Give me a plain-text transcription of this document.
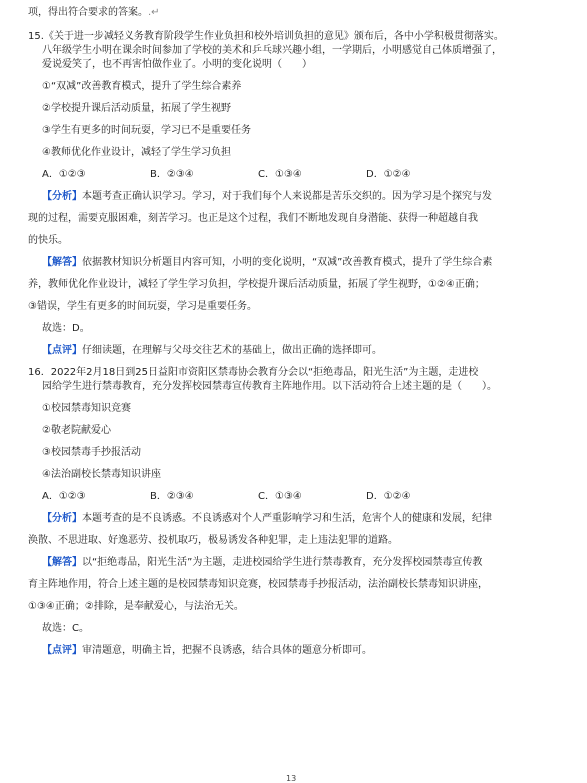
项，得出符合要求的答案。.↵

15.《关于进一步减轻义务教育阶段学生作业负担和校外培训负担的意见》颁布后，各中小学积极贯彻落实。

八年级学生小明在课余时间参加了学校的美术和乒乓球兴趣小组，一学期后，小明感觉自己体质增强了，

爱说爱笑了，也不再害怕做作业了。小明的变化说明（　　）

①“双减”改善教育模式，提升了学生综合素养

②学校提升课后活动质量，拓展了学生视野

③学生有更多的时间玩耍，学习已不是重要任务

④教师优化作业设计，减轻了学生学习负担

A．①②③	B．②③④	C．①③④	D．①②④

【分析】本题考查正确认识学习。学习，对于我们每个人来说都是苦乐交织的。因为学习是个探究与发

现的过程，需要克服困难，刻苦学习。也正是这个过程，我们不断地发现自身潜能、获得一种超越自我

的快乐。

【解答】依据教材知识分析题目内容可知，小明的变化说明，“双减”改善教育模式，提升了学生综合素

养，教师优化作业设计，减轻了学生学习负担，学校提升课后活动质量，拓展了学生视野，①②④正确；

③错误，学生有更多的时间玩耍，学习是重要任务。

故选：D。

【点评】仔细读题，在理解与父母交往艺术的基础上，做出正确的选择即可。

16．2022年2月18日到25日益阳市资阳区禁毒协会教育分会以“拒绝毒品，阳光生活”为主题，走进校

园给学生进行禁毒教育，充分发挥校园禁毒宣传教育主阵地作用。以下活动符合上述主题的是（　　）。

①校园禁毒知识竞赛

②敬老院献爱心

③校园禁毒手抄报活动

④法治副校长禁毒知识讲座

A．①②③	B．②③④	C．①③④	D．①②④

【分析】本题考查的是不良诱惑。不良诱惑对个人严重影响学习和生活，危害个人的健康和发展，纪律

涣散、不思进取、好逸恶劳、投机取巧，极易诱发各种犯罪，走上违法犯罪的道路。

【解答】以“拒绝毒品，阳光生活”为主题，走进校园给学生进行禁毒教育，充分发挥校园禁毒宣传教

育主阵地作用，符合上述主题的是校园禁毒知识竞赛，校园禁毒手抄报活动，法治副校长禁毒知识讲座，

①③④正确；②排除，是奉献爱心，与法治无关。

故选：C。

【点评】审清题意，明确主旨，把握不良诱惑，结合具体的题意分析即可。

13
